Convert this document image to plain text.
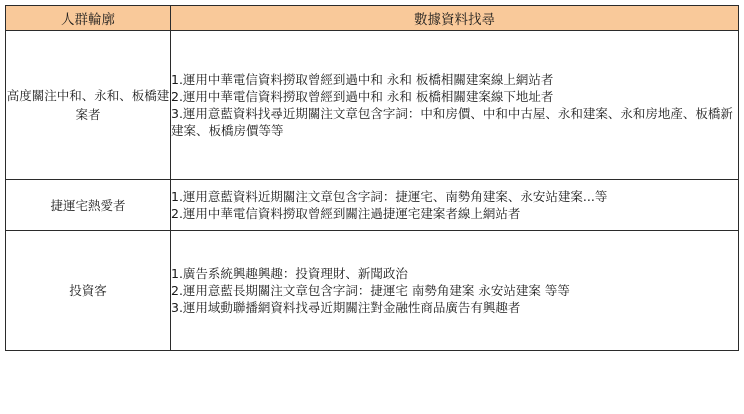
人群輪廓	數據資料找尋
高度關注中和、永和、板橋建案者	1.運用中華電信資料撈取曾經到過中和 永和 板橋相關建案線上網站者
2.運用中華電信資料撈取曾經到過中和 永和 板橋相關建案線下地址者
3.運用意藍資料找尋近期關注文章包含字詞：中和房價、中和中古屋、永和建案、永和房地產、板橋新建案、板橋房價等等

捷運宅熱愛者	1.運用意藍資料近期關注文章包含字詞：捷運宅、南勢角建案、永安站建案...等
2.運用中華電信資料撈取曾經到關注過捷運宅建案者線上網站者

投資客	1.廣告系統興趣興趣：投資理財、新聞政治
2.運用意藍長期關注文章包含字詞：捷運宅 南勢角建案 永安站建案 等等
3.運用域動聯播網資料找尋近期關注對金融性商品廣告有興趣者
